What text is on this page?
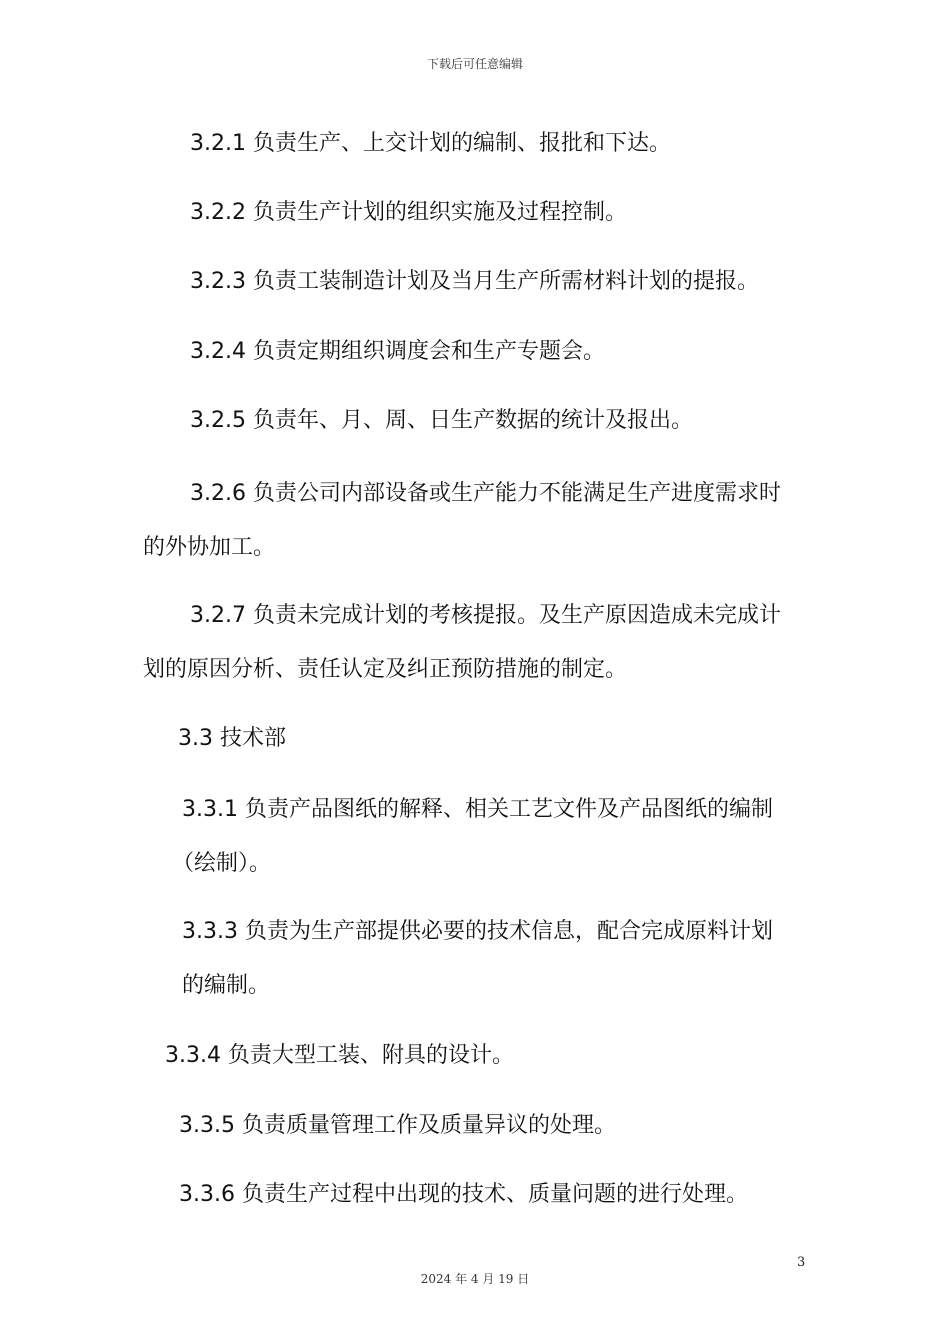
下载后可任意编辑

3.2.1 负责生产、上交计划的编制、报批和下达。

3.2.2 负责生产计划的组织实施及过程控制。

3.2.3 负责工装制造计划及当月生产所需材料计划的提报。

3.2.4 负责定期组织调度会和生产专题会。

3.2.5 负责年、月、周、日生产数据的统计及报出。

3.2.6 负责公司内部设备或生产能力不能满足生产进度需求时
的外协加工。

3.2.7 负责未完成计划的考核提报。及生产原因造成未完成计
划的原因分析、责任认定及纠正预防措施的制定。

3.3 技术部

3.3.1 负责产品图纸的解释、相关工艺文件及产品图纸的编制
（绘制）。

3.3.3 负责为生产部提供必要的技术信息，配合完成原料计划
的编制。

3.3.4 负责大型工装、附具的设计。

3.3.5 负责质量管理工作及质量异议的处理。

3.3.6 负责生产过程中出现的技术、质量问题的进行处理。

3
2024 年 4 月 19 日
